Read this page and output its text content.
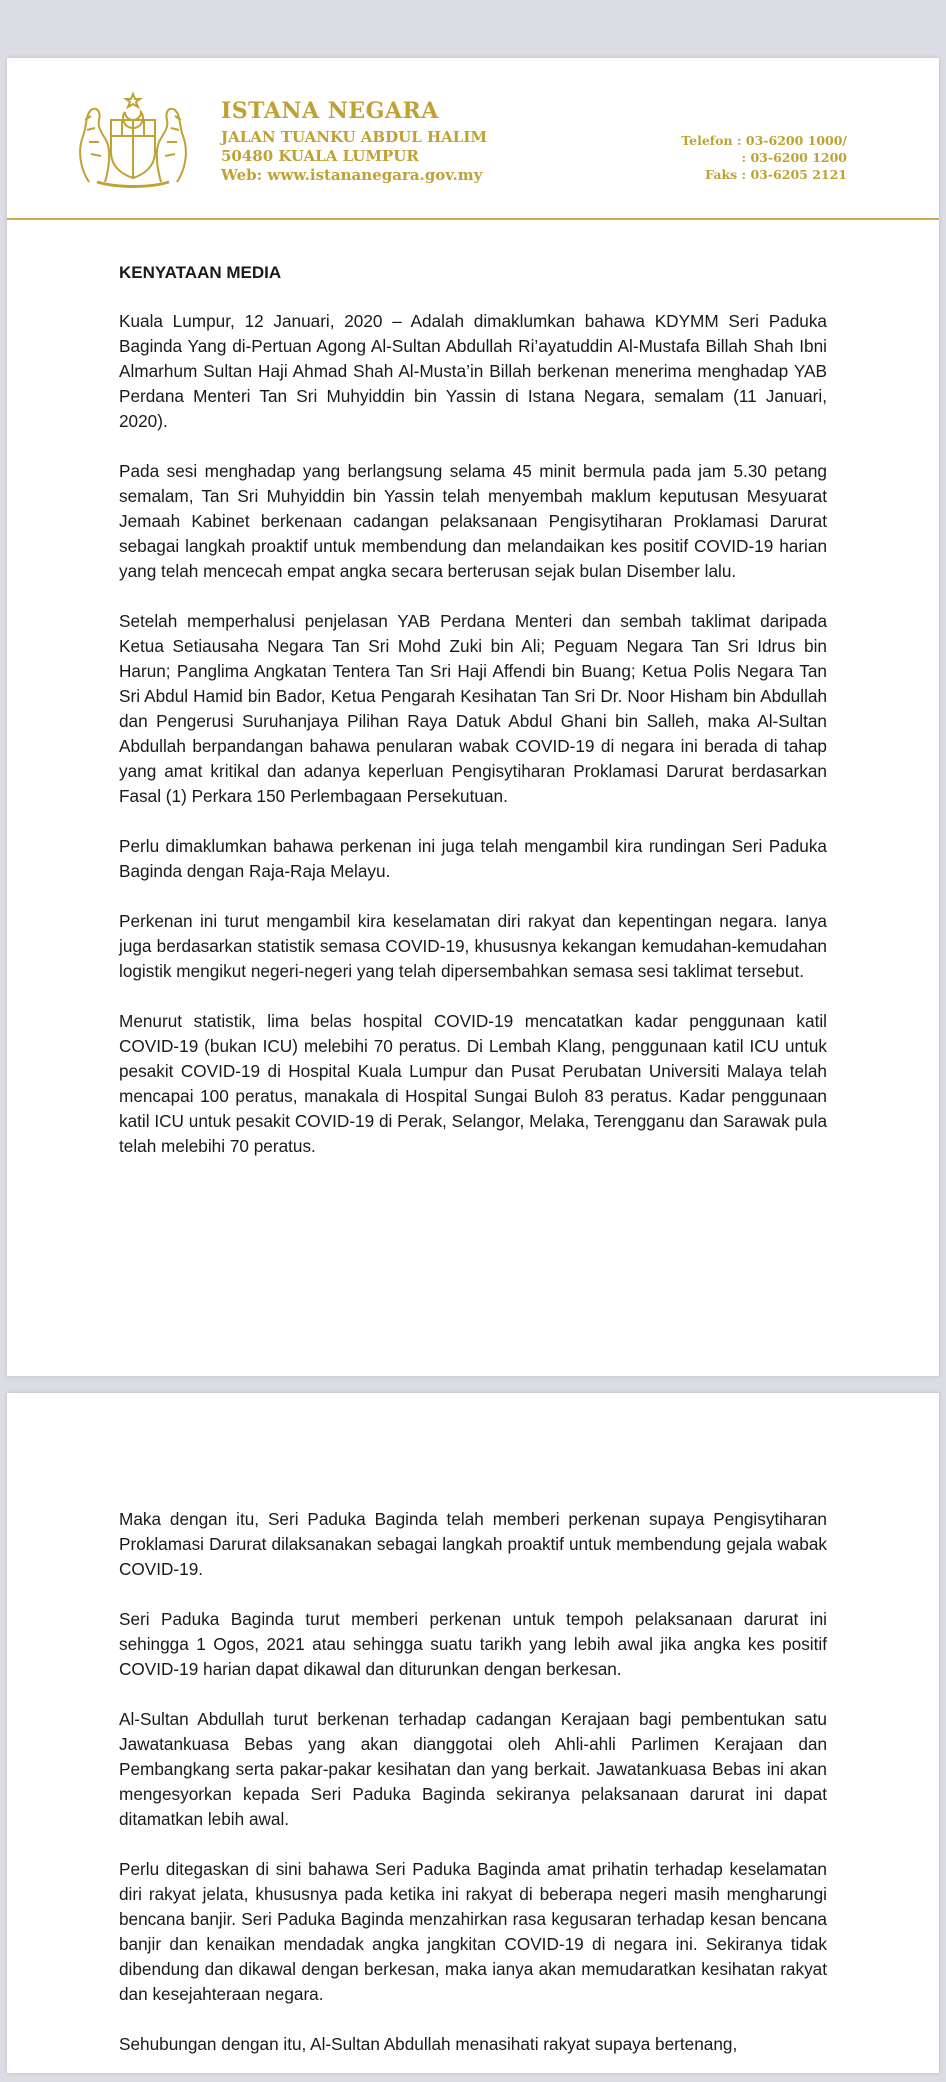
ISTANA NEGARA
JALAN TUANKU ABDUL HALIM
50480 KUALA LUMPUR
Web: www.istananegara.gov.my
Telefon : 03-6200 1000/
: 03-6200 1200
Faks : 03-6205 2121
KENYATAAN MEDIA

Kuala Lumpur, 12 Januari, 2020 – Adalah dimaklumkan bahawa KDYMM Seri Paduka Baginda Yang di-Pertuan Agong Al-Sultan Abdullah Ri’ayatuddin Al-Mustafa Billah Shah Ibni Almarhum Sultan Haji Ahmad Shah Al-Musta’in Billah berkenan menerima menghadap YAB Perdana Menteri Tan Sri Muhyiddin bin Yassin di Istana Negara, semalam (11 Januari, 2020).

Pada sesi menghadap yang berlangsung selama 45 minit bermula pada jam 5.30 petang semalam, Tan Sri Muhyiddin bin Yassin telah menyembah maklum keputusan Mesyuarat Jemaah Kabinet berkenaan cadangan pelaksanaan Pengisytiharan Proklamasi Darurat sebagai langkah proaktif untuk membendung dan melandaikan kes positif COVID-19 harian yang telah mencecah empat angka secara berterusan sejak bulan Disember lalu.

Setelah memperhalusi penjelasan YAB Perdana Menteri dan sembah taklimat daripada Ketua Setiausaha Negara Tan Sri Mohd Zuki bin Ali; Peguam Negara Tan Sri Idrus bin Harun; Panglima Angkatan Tentera Tan Sri Haji Affendi bin Buang; Ketua Polis Negara Tan Sri Abdul Hamid bin Bador, Ketua Pengarah Kesihatan Tan Sri Dr. Noor Hisham bin Abdullah dan Pengerusi Suruhanjaya Pilihan Raya Datuk Abdul Ghani bin Salleh, maka Al-Sultan Abdullah berpandangan bahawa penularan wabak COVID-19 di negara ini berada di tahap yang amat kritikal dan adanya keperluan Pengisytiharan Proklamasi Darurat berdasarkan Fasal (1) Perkara 150 Perlembagaan Persekutuan.

Perlu dimaklumkan bahawa perkenan ini juga telah mengambil kira rundingan Seri Paduka Baginda dengan Raja-Raja Melayu.

Perkenan ini turut mengambil kira keselamatan diri rakyat dan kepentingan negara. Ianya juga berdasarkan statistik semasa COVID-19, khususnya kekangan kemudahan-kemudahan logistik mengikut negeri-negeri yang telah dipersembahkan semasa sesi taklimat tersebut.

Menurut statistik, lima belas hospital COVID-19 mencatatkan kadar penggunaan katil COVID-19 (bukan ICU) melebihi 70 peratus. Di Lembah Klang, penggunaan katil ICU untuk pesakit COVID-19 di Hospital Kuala Lumpur dan Pusat Perubatan Universiti Malaya telah mencapai 100 peratus, manakala di Hospital Sungai Buloh 83 peratus. Kadar penggunaan katil ICU untuk pesakit COVID-19 di Perak, Selangor, Melaka, Terengganu dan Sarawak pula telah melebihi 70 peratus.

Maka dengan itu, Seri Paduka Baginda telah memberi perkenan supaya Pengisytiharan Proklamasi Darurat dilaksanakan sebagai langkah proaktif untuk membendung gejala wabak COVID-19.

Seri Paduka Baginda turut memberi perkenan untuk tempoh pelaksanaan darurat ini sehingga 1 Ogos, 2021 atau sehingga suatu tarikh yang lebih awal jika angka kes positif COVID-19 harian dapat dikawal dan diturunkan dengan berkesan.

Al-Sultan Abdullah turut berkenan terhadap cadangan Kerajaan bagi pembentukan satu Jawatankuasa Bebas yang akan dianggotai oleh Ahli-ahli Parlimen Kerajaan dan Pembangkang serta pakar-pakar kesihatan dan yang berkait. Jawatankuasa Bebas ini akan mengesyorkan kepada Seri Paduka Baginda sekiranya pelaksanaan darurat ini dapat ditamatkan lebih awal.

Perlu ditegaskan di sini bahawa Seri Paduka Baginda amat prihatin terhadap keselamatan diri rakyat jelata, khususnya pada ketika ini rakyat di beberapa negeri masih mengharungi bencana banjir. Seri Paduka Baginda menzahirkan rasa kegusaran terhadap kesan bencana banjir dan kenaikan mendadak angka jangkitan COVID-19 di negara ini. Sekiranya tidak dibendung dan dikawal dengan berkesan, maka ianya akan memudaratkan kesihatan rakyat dan kesejahteraan negara.

Sehubungan dengan itu, Al-Sultan Abdullah menasihati rakyat supaya bertenang,
